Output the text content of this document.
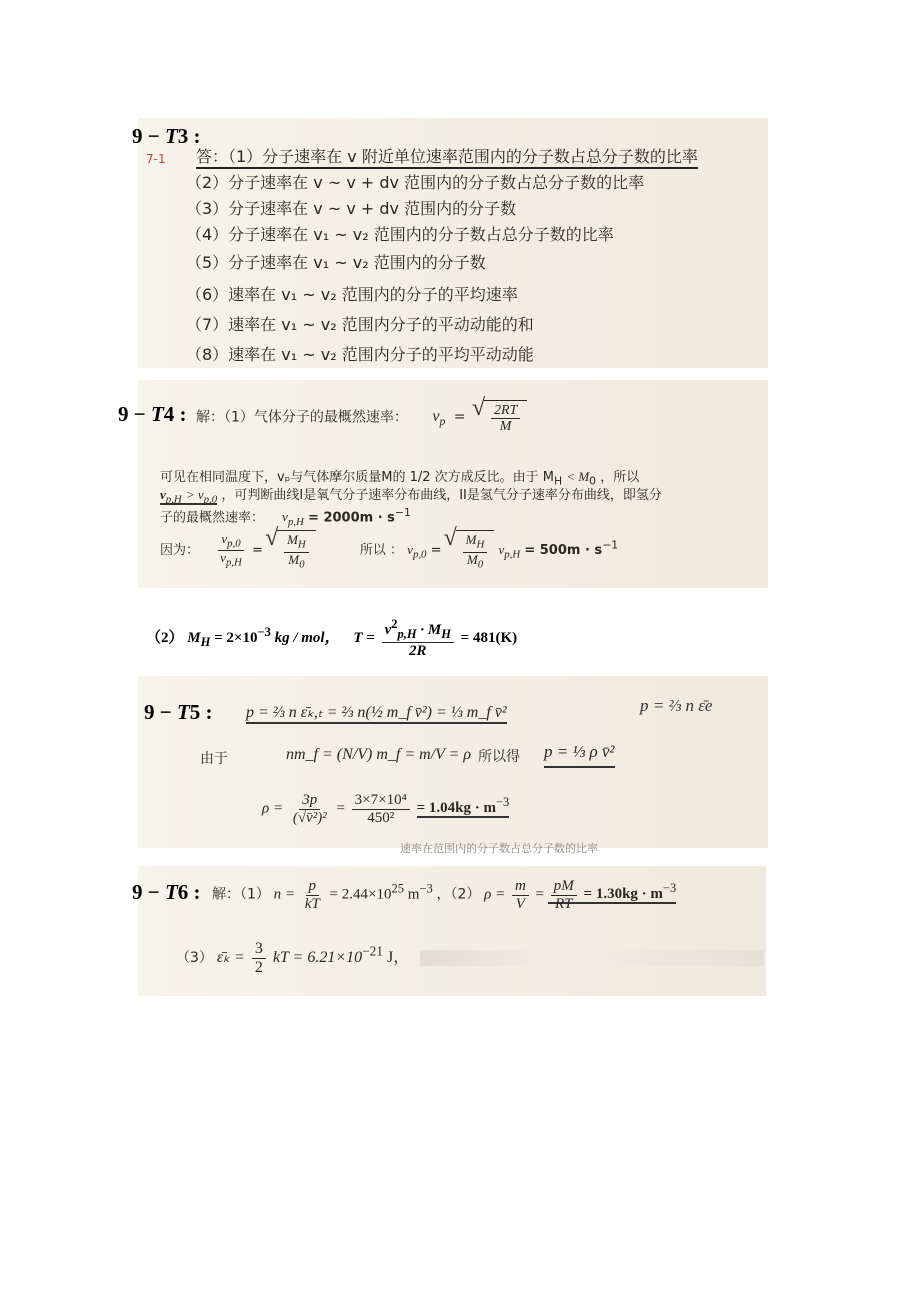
9 − T3 :
7-1 答：（1）分子速率在 v 附近单位速率范围内的分子数占总分子数的比率
（2）分子速率在 v ~ v + dv 范围内的分子数占总分子数的比率
（3）分子速率在 v ~ v + dv 范围内的分子数
（4）分子速率在 v₁ ~ v₂ 范围内的分子数占总分子数的比率
（5）分子速率在 v₁ ~ v₂ 范围内的分子数
（6）速率在 v₁ ~ v₂ 范围内的分子的平均速率
（7）速率在 v₁ ~ v₂ 范围内分子的平动动能的和
（8）速率在 v₁ ~ v₂ 范围内分子的平均平动动能
9 − T4 : 解：（1）气体分子的最概然速率： $v_p$ = √ $\frac{2RT}{M}$
可见在相同温度下，vₚ与气体摩尔质量M的 1/2 次方成反比。由于 $M_H < M_0$ ，所以
$v_{p,H} > v_{p,0}$ ，可判断曲线I是氧气分子速率分布曲线，II是氢气分子速率分布曲线，即氢分
子的最概然速率： $v_{p,H} = 2000m \cdot s^{-1}$
因为： $\frac{v_{p,0}}{v_{p,H}}$ = √ $\frac{M_H}{M_0}$	所以 ： $v_{p,0}$ = √ $\frac{M_H}{M_0} v_{p,H} = 500m \cdot s^{-1}$
（2） $M_H = 2\times 10^{-3}$ kg / mol， $T = \frac{v^2_{p,H} \cdot M_H}{2R} = 481(K)$
9 − T5 : p = ⅔ n ε̄ₖ,ₜ = ⅔ n(½ m_f v̄²) = ⅓ m_f v̄²	p = ⅔ n ε̄e
由于	nm_f = (N/V) m_f = m/V = ρ 所以得 p = ⅓ ρ v̄²
$\rho = \frac{3p}{\text{(√v̄²)²}} = \frac{\text{3×7×10⁴}}{\text{450²}} = 1.04kg \cdot m^{-3}$
速率在范围内的分子数占总分子数的比率
9 − T6 : 解：（1） $n = \frac{p}{kT} = 2.44\times 10^{25}$ $m^{-3}$ ，（2） $\rho = \frac{m}{V} = \frac{pM}{RT} = 1.30kg \cdot m^{-3}$
（3） ε̄ₖ = $\frac{3}{2}$ kT = $6.21\times 10^{-21}$ J，
